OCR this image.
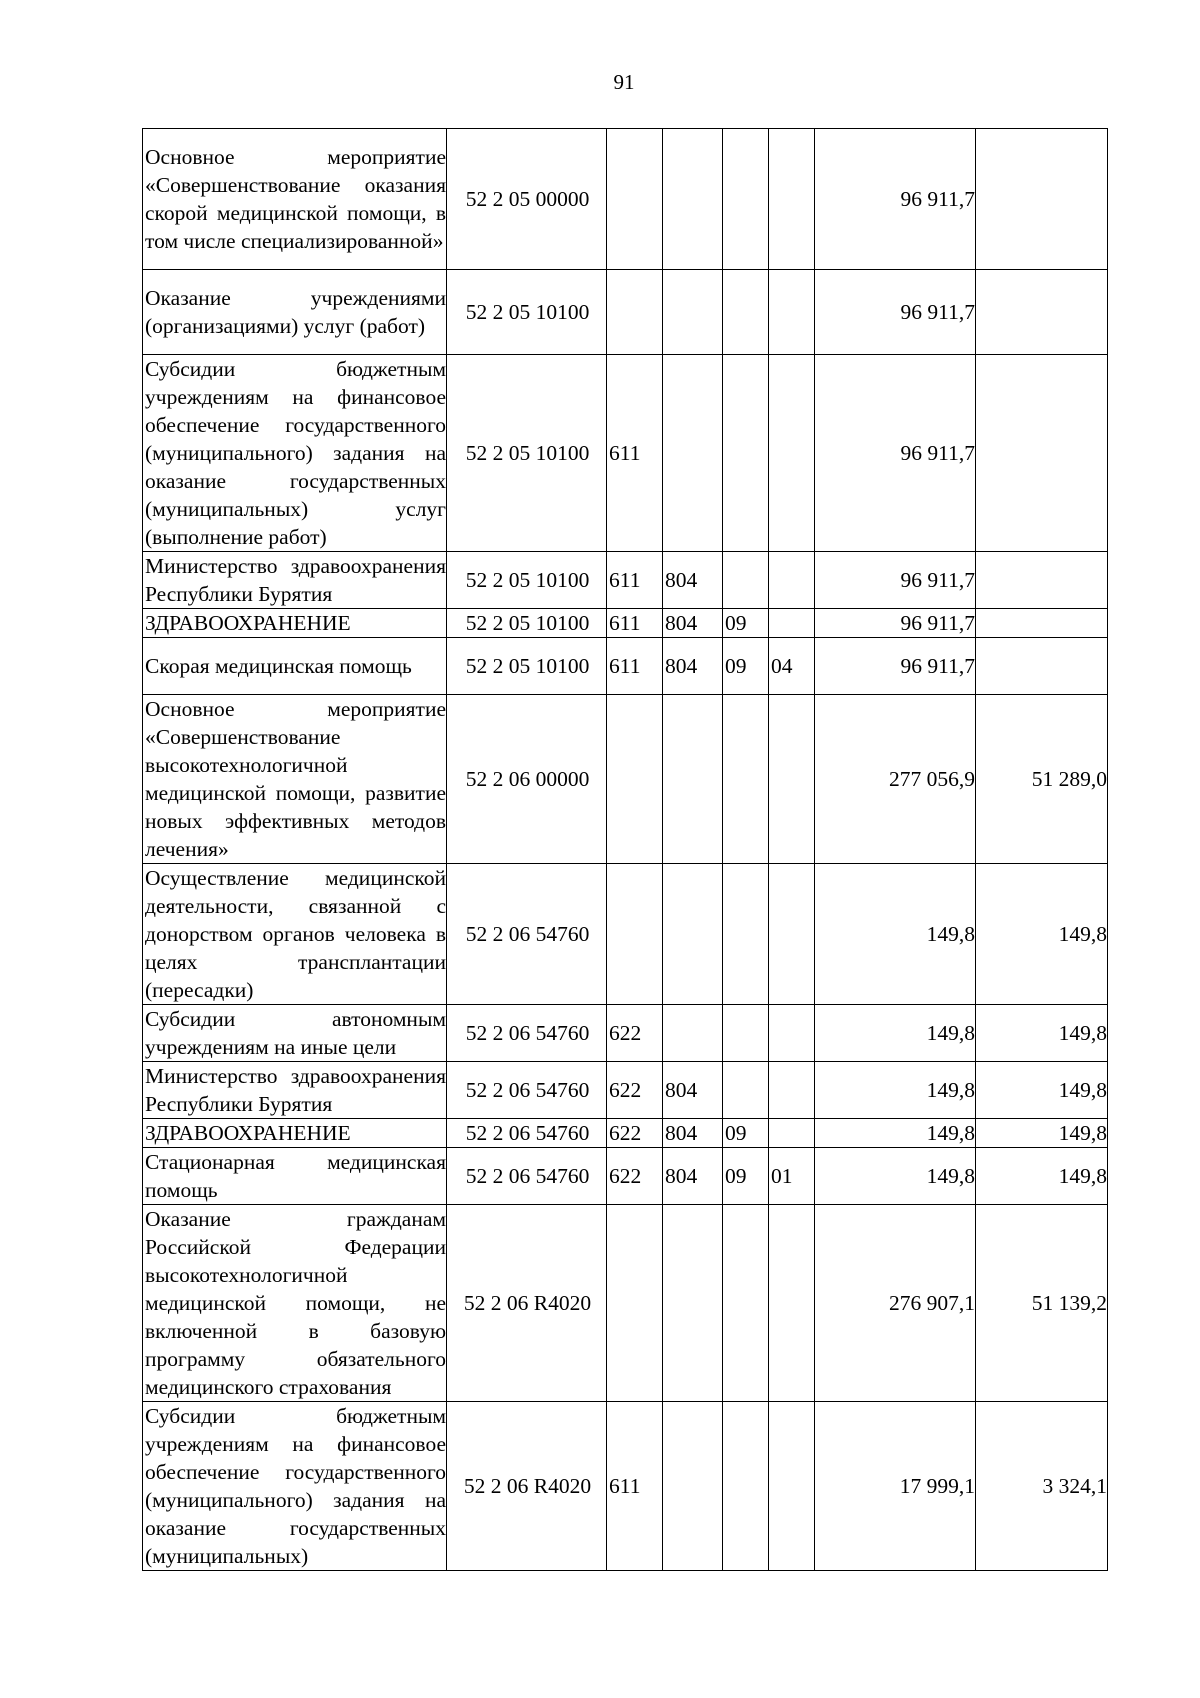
91
Основное мероприятие «Совершенствование оказания скорой медицинской помощи, в том числе специализированной»	52 2 05 00000					96 911,7	
Оказание учреждениями (организациями) услуг (работ)	52 2 05 10100					96 911,7	
Субсидии бюджетным учреждениям на финансовое обеспечение государственного (муниципального) задания на оказание государственных (муниципальных) услуг (выполнение работ)	52 2 05 10100	611				96 911,7	
Министерство здравоохранения Республики Бурятия	52 2 05 10100	611	804			96 911,7	
ЗДРАВООХРАНЕНИЕ	52 2 05 10100	611	804	09		96 911,7	
Скорая медицинская помощь	52 2 05 10100	611	804	09	04	96 911,7	
Основное мероприятие «Совершенствование высокотехнологичной медицинской помощи, развитие новых эффективных методов лечения»	52 2 06 00000					277 056,9	51 289,0
Осуществление медицинской деятельности, связанной с донорством органов человека в целях трансплантации (пересадки)	52 2 06 54760					149,8	149,8
Субсидии автономным учреждениям на иные цели	52 2 06 54760	622				149,8	149,8
Министерство здравоохранения Республики Бурятия	52 2 06 54760	622	804			149,8	149,8
ЗДРАВООХРАНЕНИЕ	52 2 06 54760	622	804	09		149,8	149,8
Стационарная медицинская помощь	52 2 06 54760	622	804	09	01	149,8	149,8
Оказание гражданам Российской Федерации высокотехнологичной медицинской помощи, не включенной в базовую программу обязательного медицинского страхования	52 2 06 R4020					276 907,1	51 139,2
Субсидии бюджетным учреждениям на финансовое обеспечение государственного (муниципального) задания на оказание государственных (муниципальных)	52 2 06 R4020	611				17 999,1	3 324,1
